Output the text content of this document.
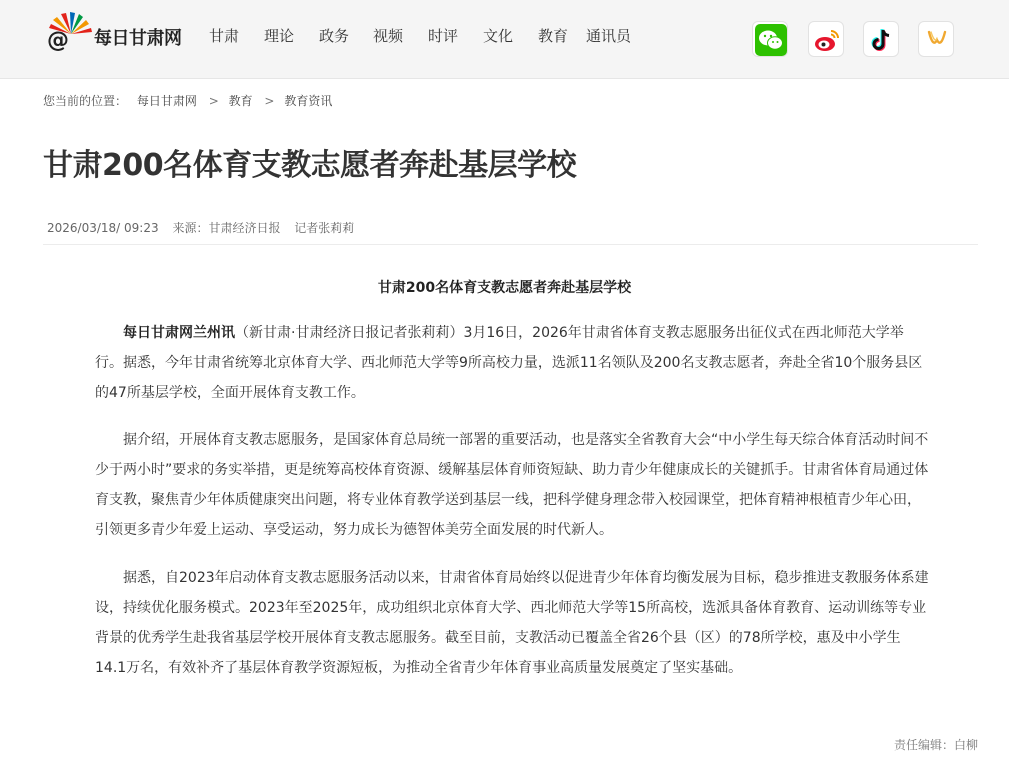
@ 每日甘肃网 甘肃 理论 政务 视频 时评 文化 教育 通讯员
您当前的位置： 每日甘肃网 > 教育 > 教育资讯
甘肃200名体育支教志愿者奔赴基层学校
2026/03/18/ 09:23 来源：甘肃经济日报 记者张莉莉
甘肃200名体育支教志愿者奔赴基层学校

每日甘肃网兰州讯（新甘肃·甘肃经济日报记者张莉莉）3月16日，2026年甘肃省体育支教志愿服务出征仪式在西北师范大学举行。据悉，今年甘肃省统筹北京体育大学、西北师范大学等9所高校力量，选派11名领队及200名支教志愿者，奔赴全省10个服务县区的47所基层学校，全面开展体育支教工作。

据介绍，开展体育支教志愿服务，是国家体育总局统一部署的重要活动，也是落实全省教育大会“中小学生每天综合体育活动时间不少于两小时”要求的务实举措，更是统筹高校体育资源、缓解基层体育师资短缺、助力青少年健康成长的关键抓手。甘肃省体育局通过体育支教，聚焦青少年体质健康突出问题，将专业体育教学送到基层一线，把科学健身理念带入校园课堂，把体育精神根植青少年心田，引领更多青少年爱上运动、享受运动，努力成长为德智体美劳全面发展的时代新人。

据悉，自2023年启动体育支教志愿服务活动以来，甘肃省体育局始终以促进青少年体育均衡发展为目标，稳步推进支教服务体系建设，持续优化服务模式。2023年至2025年，成功组织北京体育大学、西北师范大学等15所高校，选派具备体育教育、运动训练等专业背景的优秀学生赴我省基层学校开展体育支教志愿服务。截至目前，支教活动已覆盖全省26个县（区）的78所学校，惠及中小学生14.1万名，有效补齐了基层体育教学资源短板，为推动全省青少年体育事业高质量发展奠定了坚实基础。

责任编辑：白柳
